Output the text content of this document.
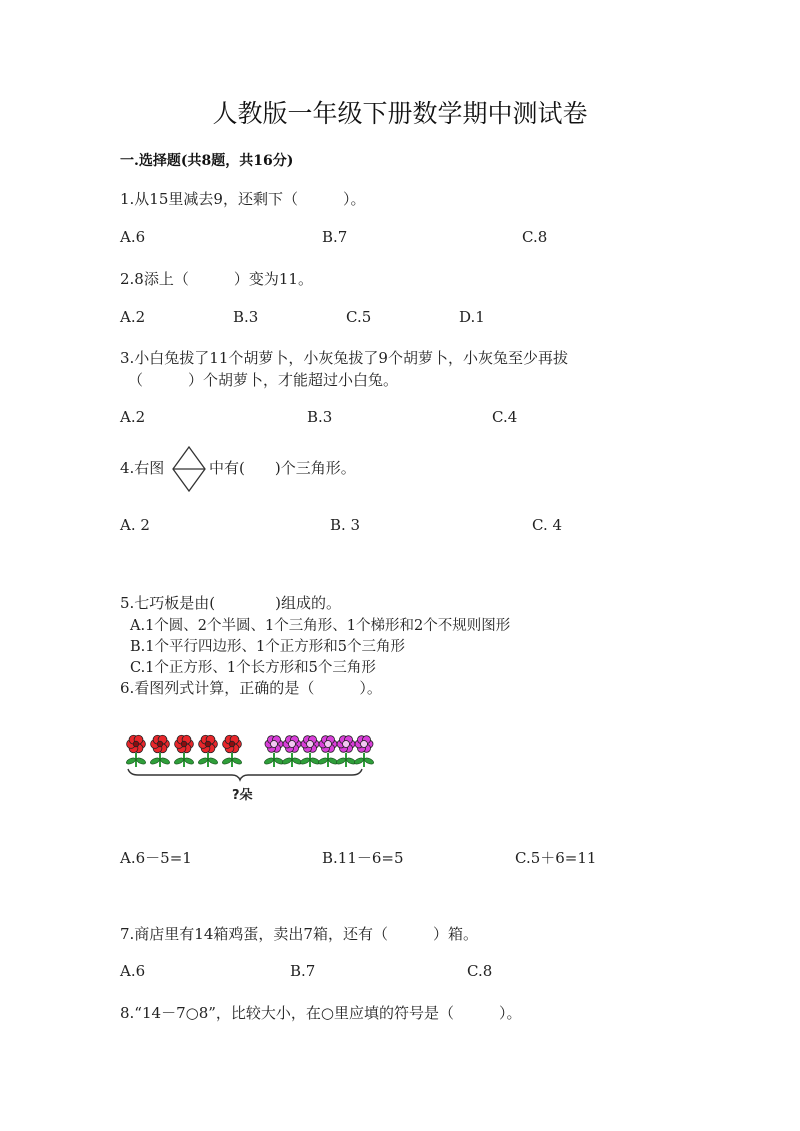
人教版一年级下册数学期中测试卷
一.选择题(共8题，共16分)
1.从15里减去9，还剩下（　　　）。
A.6	B.7	C.8
2.8添上（　　　）变为11。
A.2	B.3	C.5	D.1
3.小白兔拔了11个胡萝卜，小灰兔拔了9个胡萝卜，小灰兔至少再拔
（　　　）个胡萝卜，才能超过小白兔。
A.2	B.3	C.4
4.右图	中有(　　)个三角形。
A. 2	B. 3	C. 4
5.七巧板是由(　　　　)组成的。
A.1个圆、2个半圆、1个三角形、1个梯形和2个不规则图形
B.1个平行四边形、1个正方形和5个三角形
C.1个正方形、1个长方形和5个三角形
6.看图列式计算，正确的是（　　　）。
?朵
A.6－5=1	B.11－6=5	C.5＋6=11
7.商店里有14箱鸡蛋，卖出7箱，还有（　　　）箱。
A.6	B.7	C.8
8.“14－7○8”，比较大小，在○里应填的符号是（　　　）。
